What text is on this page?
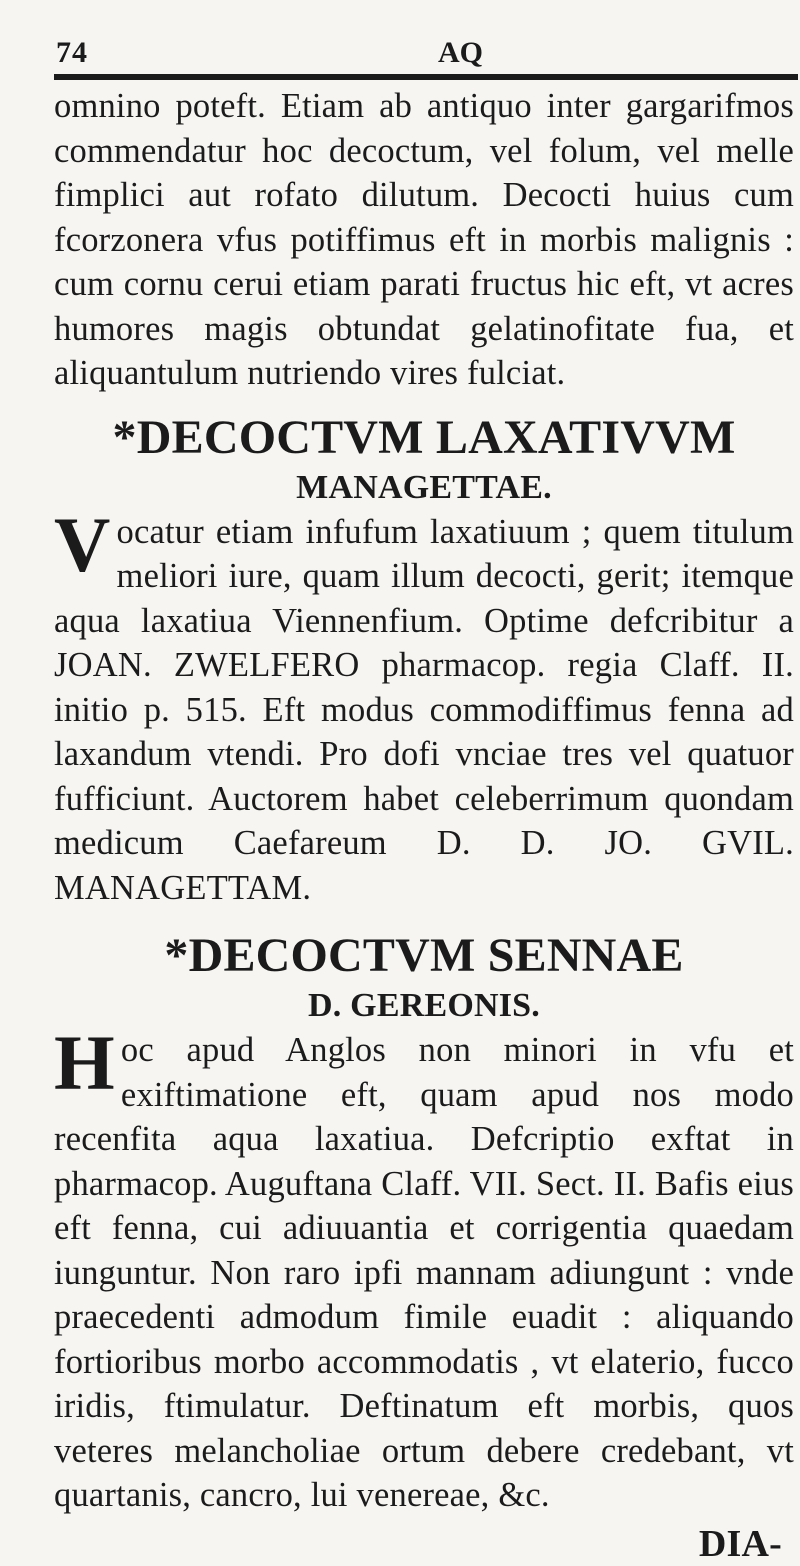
74	AQ

omnino poteft. Etiam ab antiquo inter gargarifmos commendatur hoc decoctum, vel folum, vel melle fimplici aut rofato dilutum. Decocti huius cum fcorzonera vfus potiffimus eft in morbis malignis : cum cornu cerui etiam parati fructus hic eft, vt acres humores magis obtundat gelatinofitate fua, et aliquantulum nutriendo vires fulciat.

*DECOCTVM LAXATIVVM
MANAGETTAE.

V ocatur etiam infufum laxatiuum ; quem titulum meliori iure, quam illum decocti, gerit; itemque aqua laxatiua Viennenfium. Optime defcribitur a JOAN. ZWELFERO pharmacop. regia Claff. II. initio p. 515. Eft modus commodiffimus fenna ad laxandum vtendi. Pro dofi vnciae tres vel quatuor fufficiunt. Auctorem habet celeberrimum quondam medicum Caefareum D. D. JO. GVIL. MANAGETTAM.

*DECOCTVM SENNAE
D. GEREONIS.

H oc apud Anglos non minori in vfu et exiftimatione eft, quam apud nos modo recenfita aqua laxatiua. Defcriptio exftat in pharmacop. Auguftana Claff. VII. Sect. II. Bafis eius eft fenna, cui adiuuantia et corrigentia quaedam iunguntur. Non raro ipfi mannam adiungunt : vnde praecedenti admodum fimile euadit : aliquando fortioribus morbo accommodatis , vt elaterio, fucco iridis, ftimulatur. Deftinatum eft morbis, quos veteres melancholiae ortum debere credebant, vt quartanis, cancro, lui venereae, &c.

DIA-
